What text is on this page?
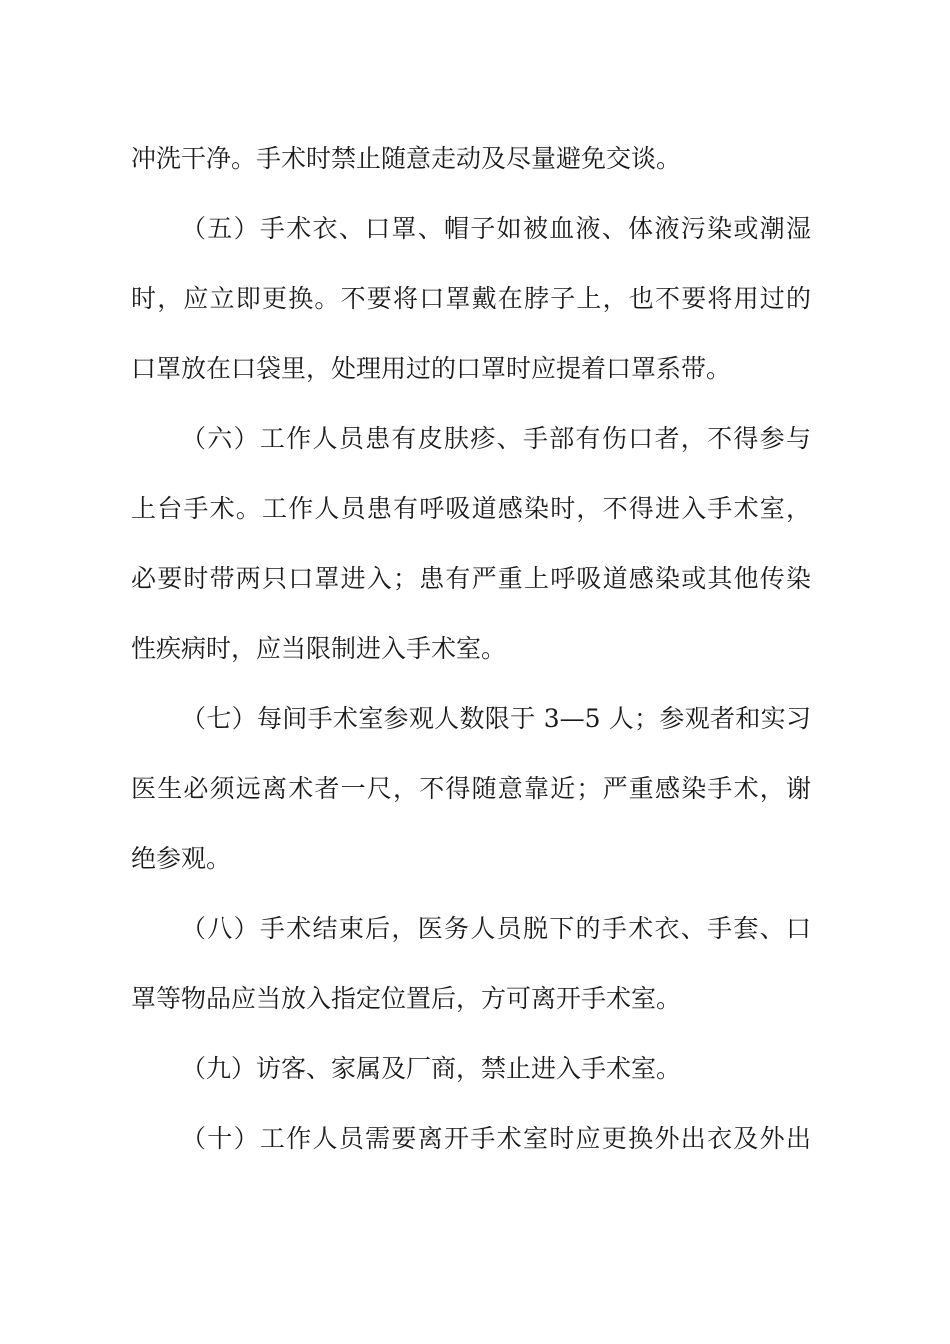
冲洗干净。手术时禁止随意走动及尽量避免交谈。
（五）手术衣、口罩、帽子如被血液、体液污染或潮湿
时，应立即更换。不要将口罩戴在脖子上，也不要将用过的
口罩放在口袋里，处理用过的口罩时应提着口罩系带。
（六）工作人员患有皮肤疹、手部有伤口者，不得参与
上台手术。工作人员患有呼吸道感染时，不得进入手术室，
必要时带两只口罩进入；患有严重上呼吸道感染或其他传染
性疾病时，应当限制进入手术室。
（七）每间手术室参观人数限于 3—5 人；参观者和实习
医生必须远离术者一尺，不得随意靠近；严重感染手术，谢
绝参观。
（八）手术结束后，医务人员脱下的手术衣、手套、口
罩等物品应当放入指定位置后，方可离开手术室。
（九）访客、家属及厂商，禁止进入手术室。
（十）工作人员需要离开手术室时应更换外出衣及外出
